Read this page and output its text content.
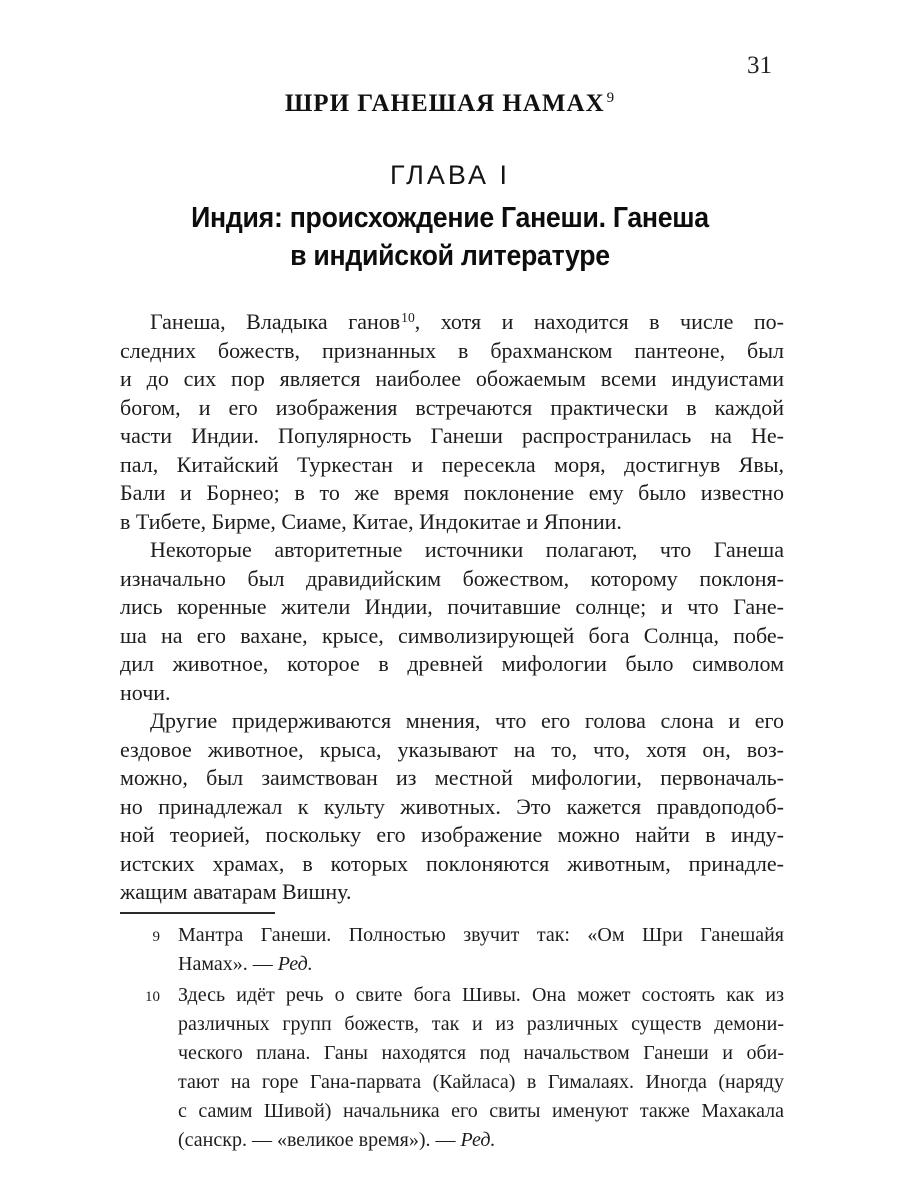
31
ШРИ ГАНЕШАЯ НАМАХ $^9$
ГЛАВА I
Индия: происхождение Ганеши. Ганеша
в индийской литературе
Ганеша, Владыка ганов$^{10}$, хотя и находится в числе по-
следних божеств, признанных в брахманском пантеоне, был
и до сих пор является наиболее обожаемым всеми индуистами
богом, и его изображения встречаются практически в каждой
части Индии. Популярность Ганеши распространилась на Не-
пал, Китайский Туркестан и пересекла моря, достигнув Явы,
Бали и Борнео; в то же время поклонение ему было известно
в Тибете, Бирме, Сиаме, Китае, Индокитае и Японии.
Некоторые авторитетные источники полагают, что Ганеша
изначально был дравидийским божеством, которому поклоня-
лись коренные жители Индии, почитавшие солнце; и что Гане-
ша на его вахане, крысе, символизирующей бога Солнца, побе-
дил животное, которое в древней мифологии было символом
ночи.
Другие придерживаются мнения, что его голова слона и его
ездовое животное, крыса, указывают на то, что, хотя он, воз-
можно, был заимствован из местной мифологии, первоначаль-
но принадлежал к культу животных. Это кажется правдоподоб-
ной теорией, поскольку его изображение можно найти в инду-
истских храмах, в которых поклоняются животным, принадле-
жащим аватарам Вишну.
9 Мантра Ганеши. Полностью звучит так: «Ом Шри Ганешайя
Намах». — Ред.
10 Здесь идёт речь о свите бога Шивы. Она может состоять как из
различных групп божеств, так и из различных существ демони-
ческого плана. Ганы находятся под начальством Ганеши и оби-
тают на горе Гана-парвата (Кайласа) в Гималаях. Иногда (наряду
с самим Шивой) начальника его свиты именуют также Махакала
(санскр. — «великое время»). — Ред.
